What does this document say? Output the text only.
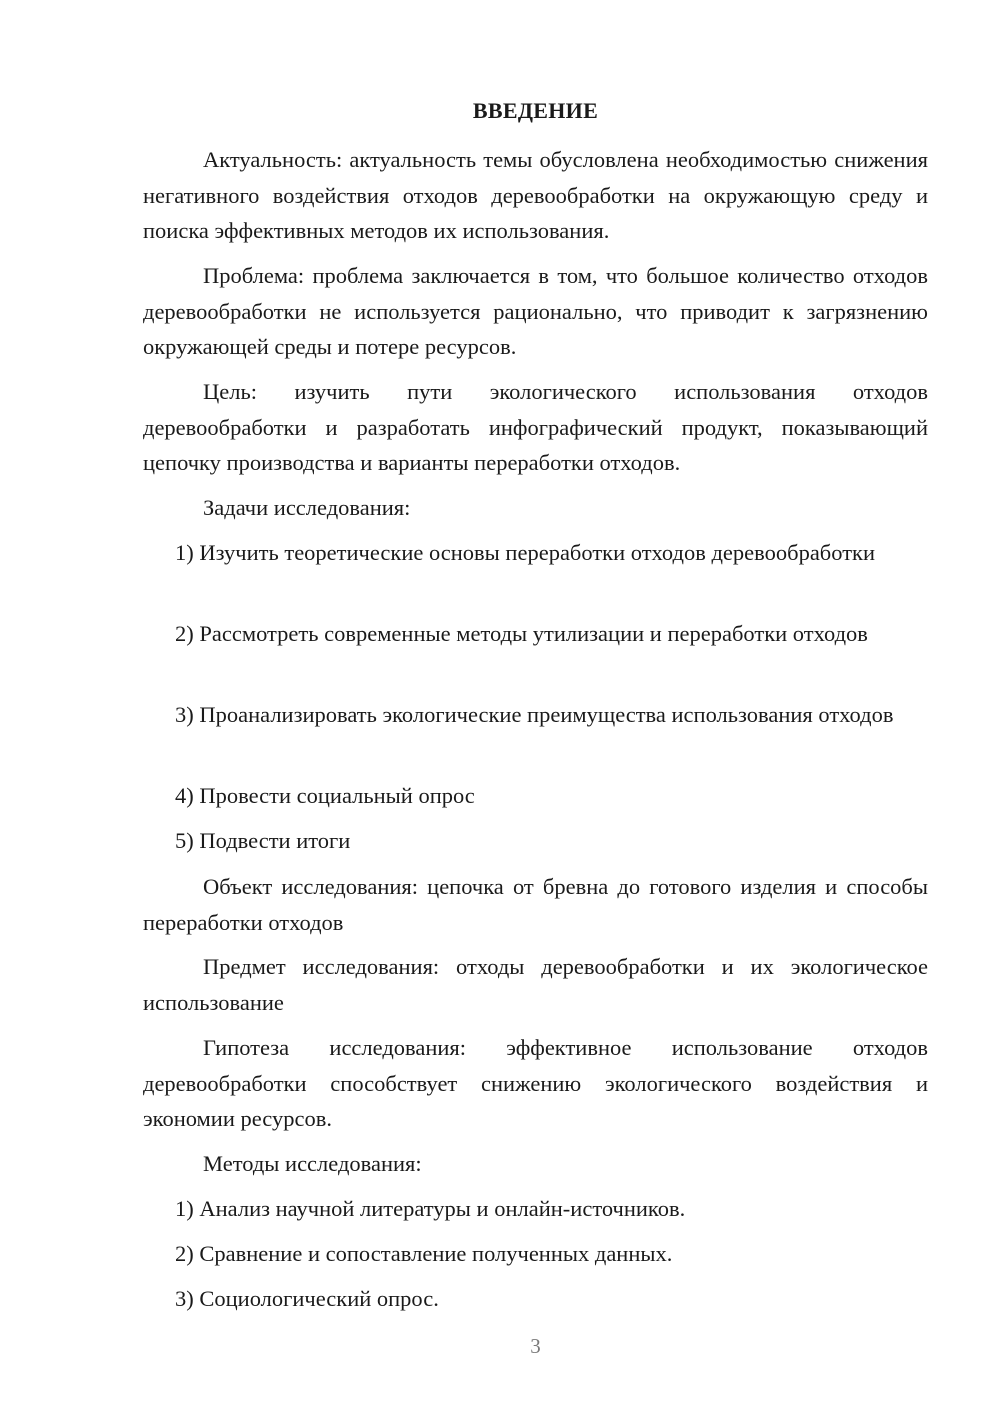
ВВЕДЕНИЕ

Актуальность: актуальность темы обусловлена необходимостью снижения негативного воздействия отходов деревообработки на окружающую среду и поиска эффективных методов их использования.

Проблема: проблема заключается в том, что большое количество отходов деревообработки не используется рационально, что приводит к загрязнению окружающей среды и потере ресурсов.

Цель: изучить пути экологического использования отходов деревообработки и разработать инфографический продукт, показывающий цепочку производства и варианты переработки отходов.

Задачи исследования:

1) Изучить теоретические основы переработки отходов деревообработки

2) Рассмотреть современные методы утилизации и переработки отходов

3) Проанализировать экологические преимущества использования отходов

4) Провести социальный опрос

5) Подвести итоги

Объект исследования: цепочка от бревна до готового изделия и способы переработки отходов

Предмет исследования: отходы деревообработки и их экологическое использование

Гипотеза исследования: эффективное использование отходов деревообработки способствует снижению экологического воздействия и экономии ресурсов.

Методы исследования:

1) Анализ научной литературы и онлайн-источников.

2) Сравнение и сопоставление полученных данных.

3) Социологический опрос.

3
